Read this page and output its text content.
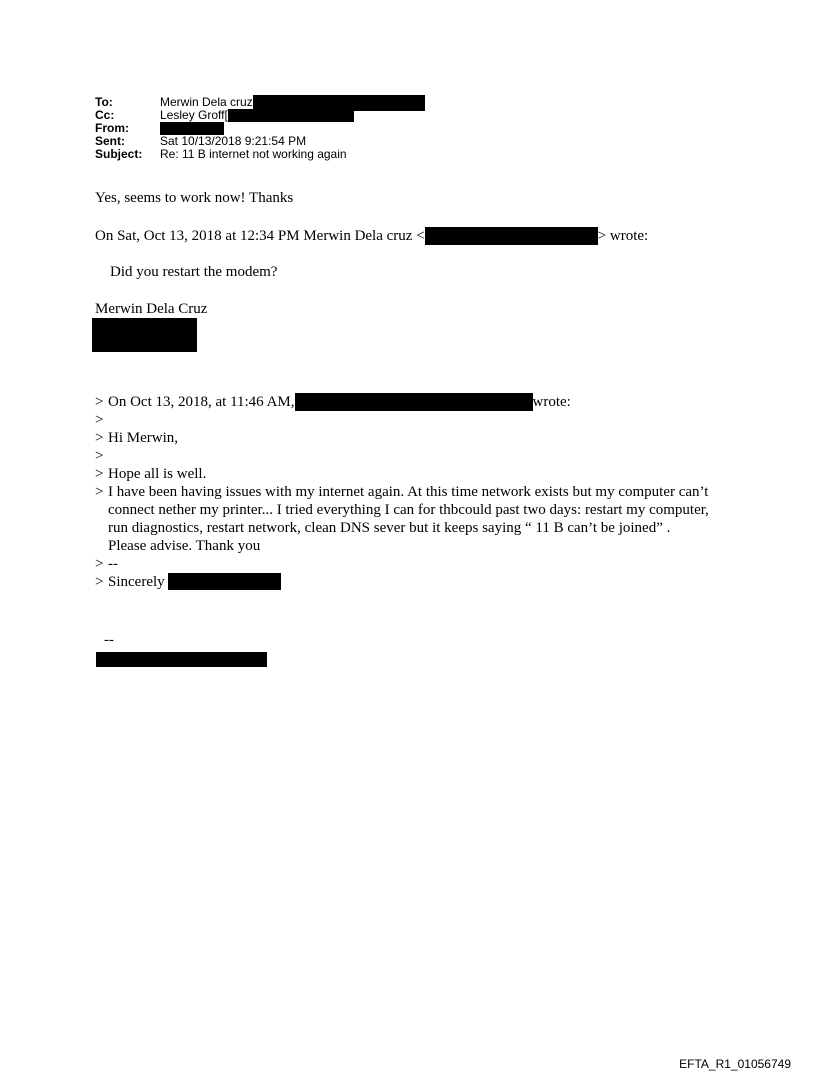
To:	Merwin Dela cruz
Cc:	Lesley Groff[
From:
Sent:	Sat 10/13/2018 9:21:54 PM
Subject: Re: 11 B internet not working again
Yes, seems to work now! Thanks
On Sat, Oct 13, 2018 at 12:34 PM Merwin Dela cruz <	> wrote:
Did you restart the modem?
Merwin Dela Cruz
> On Oct 13, 2018, at 11:46 AM,	wrote:
>
> Hi Merwin,
>
> Hope all is well.
> I have been having issues with my internet again. At this time network exists but my computer can’t connect nether my printer... I tried everything I can for thbcould past two days: restart my computer, run diagnostics, restart network, clean DNS sever but it keeps saying “ 11 B can’t be joined” . Please advise. Thank you
> --
> Sincerely
--
EFTA_R1_01056749
